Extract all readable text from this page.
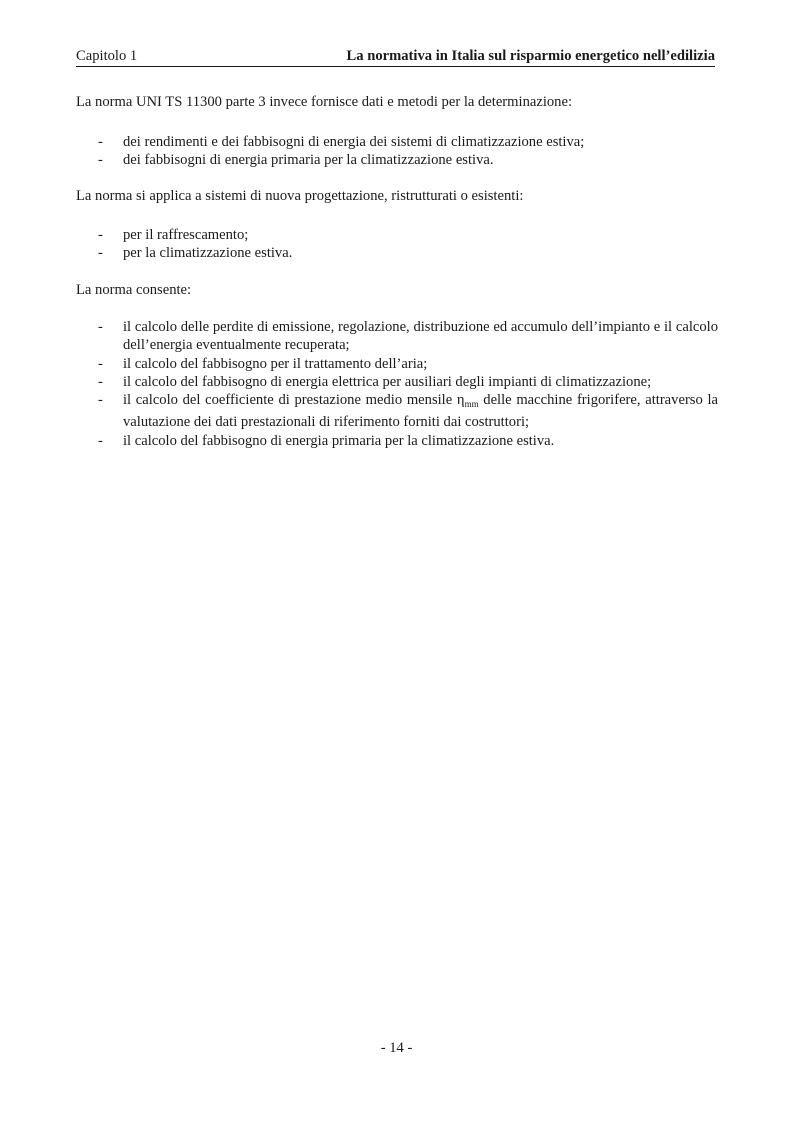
Capitolo 1	La normativa in Italia sul risparmio energetico nell’edilizia

La norma UNI TS 11300 parte 3 invece fornisce dati e metodi per la determinazione:

- dei rendimenti e dei fabbisogni di energia dei sistemi di climatizzazione estiva;
- dei fabbisogni di energia primaria per la climatizzazione estiva.

La norma si applica a sistemi di nuova progettazione, ristrutturati o esistenti:

- per il raffrescamento;
- per la climatizzazione estiva.

La norma consente:

- il calcolo delle perdite di emissione, regolazione, distribuzione ed accumulo dell’impianto e il calcolo dell’energia eventualmente recuperata;
- il calcolo del fabbisogno per il trattamento dell’aria;
- il calcolo del fabbisogno di energia elettrica per ausiliari degli impianti di climatizzazione;
- il calcolo del coefficiente di prestazione medio mensile $\eta_{mm}$ delle macchine frigorifere, attraverso la valutazione dei dati prestazionali di riferimento forniti dai costruttori;
- il calcolo del fabbisogno di energia primaria per la climatizzazione estiva.
- 14 -
